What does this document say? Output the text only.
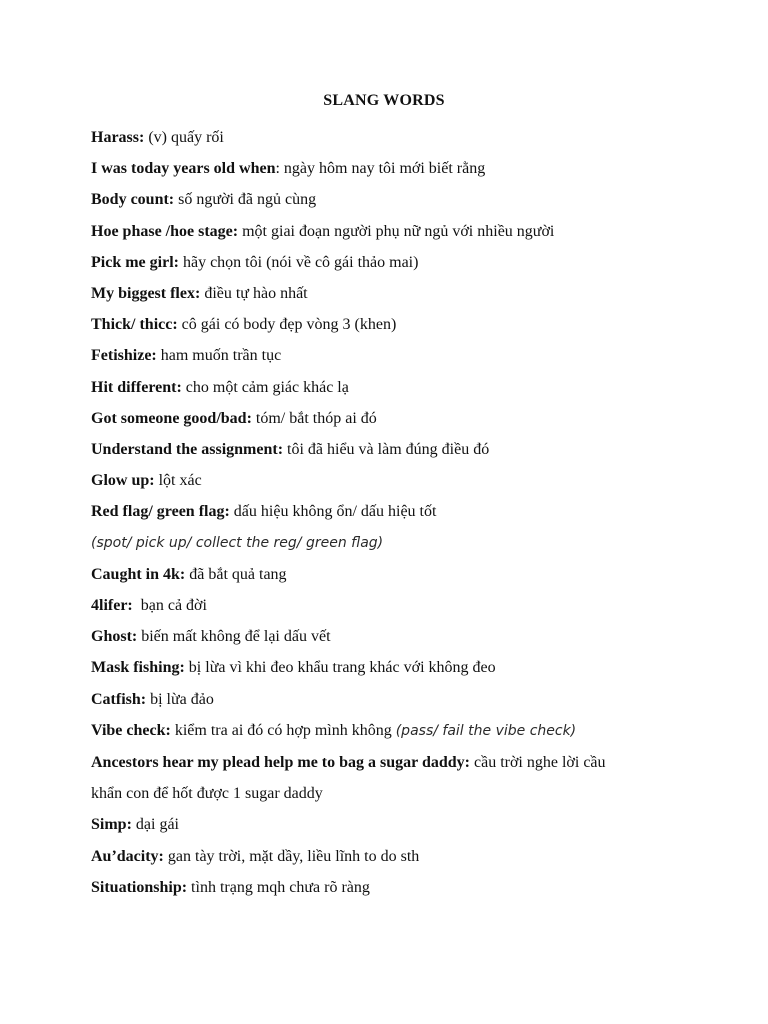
SLANG WORDS
Harass: (v) quấy rối
I was today years old when: ngày hôm nay tôi mới biết rằng
Body count: số người đã ngủ cùng
Hoe phase /hoe stage: một giai đoạn người phụ nữ ngủ với nhiều người
Pick me girl: hãy chọn tôi (nói về cô gái thảo mai)
My biggest flex: điều tự hào nhất
Thick/ thicc: cô gái có body đẹp vòng 3 (khen)
Fetishize: ham muốn trần tục
Hit different: cho một cảm giác khác lạ
Got someone good/bad: tóm/ bắt thóp ai đó
Understand the assignment: tôi đã hiểu và làm đúng điều đó
Glow up: lột xác
Red flag/ green flag: dấu hiệu không ổn/ dấu hiệu tốt
(spot/ pick up/ collect the reg/ green flag)
Caught in 4k: đã bắt quả tang
4lifer:  bạn cả đời
Ghost: biến mất không để lại dấu vết
Mask fishing: bị lừa vì khi đeo khẩu trang khác với không đeo
Catfish: bị lừa đảo
Vibe check: kiểm tra ai đó có hợp mình không (pass/ fail the vibe check)
Ancestors hear my plead help me to bag a sugar daddy: cầu trời nghe lời cầu
khẩn con để hốt được 1 sugar daddy
Simp: dại gái
Au’dacity: gan tày trời, mặt dầy, liều lĩnh to do sth
Situationship: tình trạng mqh chưa rõ ràng
